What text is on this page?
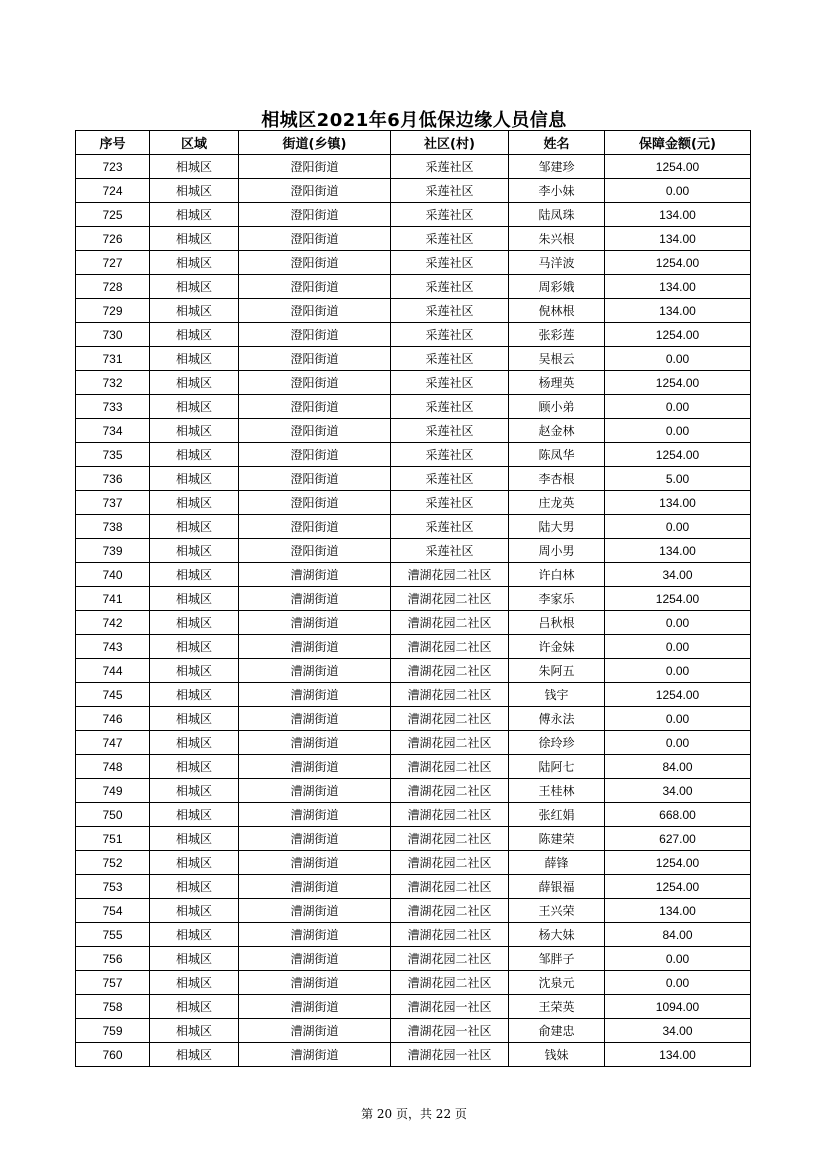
相城区2021年6月低保边缘人员信息
序号	区域	街道(乡镇)	社区(村)	姓名	保障金额(元)
723	相城区	澄阳街道	采莲社区	邹建珍	1254.00
724	相城区	澄阳街道	采莲社区	李小妹	0.00
725	相城区	澄阳街道	采莲社区	陆凤珠	134.00
726	相城区	澄阳街道	采莲社区	朱兴根	134.00
727	相城区	澄阳街道	采莲社区	马洋波	1254.00
728	相城区	澄阳街道	采莲社区	周彩娥	134.00
729	相城区	澄阳街道	采莲社区	倪林根	134.00
730	相城区	澄阳街道	采莲社区	张彩莲	1254.00
731	相城区	澄阳街道	采莲社区	吴根云	0.00
732	相城区	澄阳街道	采莲社区	杨理英	1254.00
733	相城区	澄阳街道	采莲社区	顾小弟	0.00
734	相城区	澄阳街道	采莲社区	赵金林	0.00
735	相城区	澄阳街道	采莲社区	陈凤华	1254.00
736	相城区	澄阳街道	采莲社区	李杏根	5.00
737	相城区	澄阳街道	采莲社区	庄龙英	134.00
738	相城区	澄阳街道	采莲社区	陆大男	0.00
739	相城区	澄阳街道	采莲社区	周小男	134.00
740	相城区	漕湖街道	漕湖花园二社区	许白林	34.00
741	相城区	漕湖街道	漕湖花园二社区	李家乐	1254.00
742	相城区	漕湖街道	漕湖花园二社区	吕秋根	0.00
743	相城区	漕湖街道	漕湖花园二社区	许金妹	0.00
744	相城区	漕湖街道	漕湖花园二社区	朱阿五	0.00
745	相城区	漕湖街道	漕湖花园二社区	钱宇	1254.00
746	相城区	漕湖街道	漕湖花园二社区	傅永法	0.00
747	相城区	漕湖街道	漕湖花园二社区	徐玲珍	0.00
748	相城区	漕湖街道	漕湖花园二社区	陆阿七	84.00
749	相城区	漕湖街道	漕湖花园二社区	王桂林	34.00
750	相城区	漕湖街道	漕湖花园二社区	张红娟	668.00
751	相城区	漕湖街道	漕湖花园二社区	陈建荣	627.00
752	相城区	漕湖街道	漕湖花园二社区	薛锋	1254.00
753	相城区	漕湖街道	漕湖花园二社区	薛银福	1254.00
754	相城区	漕湖街道	漕湖花园二社区	王兴荣	134.00
755	相城区	漕湖街道	漕湖花园二社区	杨大妹	84.00
756	相城区	漕湖街道	漕湖花园二社区	邹胖子	0.00
757	相城区	漕湖街道	漕湖花园二社区	沈泉元	0.00
758	相城区	漕湖街道	漕湖花园一社区	王荣英	1094.00
759	相城区	漕湖街道	漕湖花园一社区	俞建忠	34.00
760	相城区	漕湖街道	漕湖花园一社区	钱妹	134.00
第 20 页，共 22 页
